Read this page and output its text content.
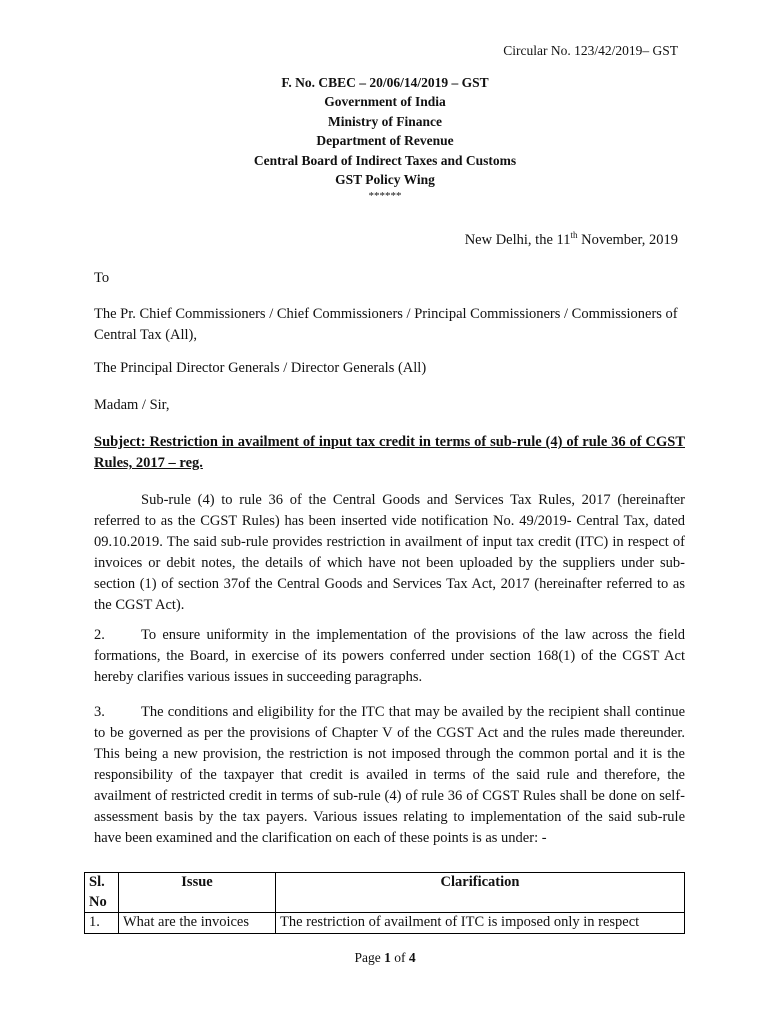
Circular No. 123/42/2019– GST
F. No. CBEC – 20/06/14/2019 – GST
Government of India
Ministry of Finance
Department of Revenue
Central Board of Indirect Taxes and Customs
GST Policy Wing
******
New Delhi, the 11th November, 2019
To
The Pr. Chief Commissioners / Chief Commissioners / Principal Commissioners / Commissioners of Central Tax (All),
The Principal Director Generals / Director Generals (All)
Madam / Sir,
Subject: Restriction in availment of input tax credit in terms of sub-rule (4) of rule 36 of CGST Rules, 2017 – reg.
Sub-rule (4) to rule 36 of the Central Goods and Services Tax Rules, 2017 (hereinafter referred to as the CGST Rules) has been inserted vide notification No. 49/2019- Central Tax, dated 09.10.2019. The said sub-rule provides restriction in availment of input tax credit (ITC) in respect of invoices or debit notes, the details of which have not been uploaded by the suppliers under sub-section (1) of section 37of the Central Goods and Services Tax Act, 2017 (hereinafter referred to as the CGST Act).
2. To ensure uniformity in the implementation of the provisions of the law across the field formations, the Board, in exercise of its powers conferred under section 168(1) of the CGST Act hereby clarifies various issues in succeeding paragraphs.
3. The conditions and eligibility for the ITC that may be availed by the recipient shall continue to be governed as per the provisions of Chapter V of the CGST Act and the rules made thereunder. This being a new provision, the restriction is not imposed through the common portal and it is the responsibility of the taxpayer that credit is availed in terms of the said rule and therefore, the availment of restricted credit in terms of sub-rule (4) of rule 36 of CGST Rules shall be done on self-assessment basis by the tax payers. Various issues relating to implementation of the said sub-rule have been examined and the clarification on each of these points is as under: -
Sl. No	Issue	Clarification
1.	What are the invoices	The restriction of availment of ITC is imposed only in respect
Page 1 of 4
